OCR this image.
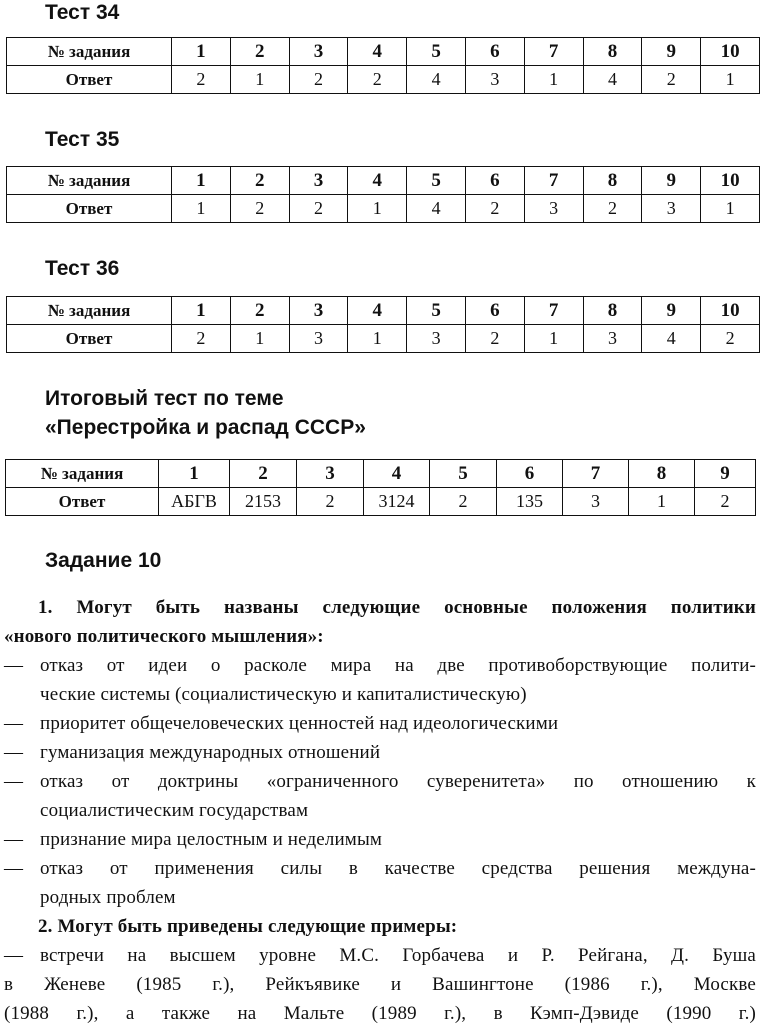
Тест 34
№ задания	1	2	3	4	5	6	7	8	9	10
Ответ	2	1	2	2	4	3	1	4	2	1
Тест 35
№ задания	1	2	3	4	5	6	7	8	9	10
Ответ	1	2	2	1	4	2	3	2	3	1
Тест 36
№ задания	1	2	3	4	5	6	7	8	9	10
Ответ	2	1	3	1	3	2	1	3	4	2
Итоговый тест по теме
«Перестройка и распад СССР»
№ задания	1	2	3	4	5	6	7	8	9
Ответ	АБГВ	2153	2	3124	2	135	3	1	2
Задание 10
1. Могут быть названы следующие основные положения политики
«нового политического мышления»:
— отказ от идеи о расколе мира на две противоборствующие полити-
ческие системы (социалистическую и капиталистическую)
— приоритет общечеловеческих ценностей над идеологическими
— гуманизация международных отношений
— отказ от доктрины «ограниченного суверенитета» по отношению к
социалистическим государствам
— признание мира целостным и неделимым
— отказ от применения силы в качестве средства решения междуна-
родных проблем
2. Могут быть приведены следующие примеры:
— встречи на высшем уровне М.С. Горбачева и Р. Рейгана, Д. Буша
в Женеве (1985 г.), Рейкъявике и Вашингтоне (1986 г.), Москве
(1988 г.), а также на Мальте (1989 г.), в Кэмп-Дэвиде (1990 г.)
